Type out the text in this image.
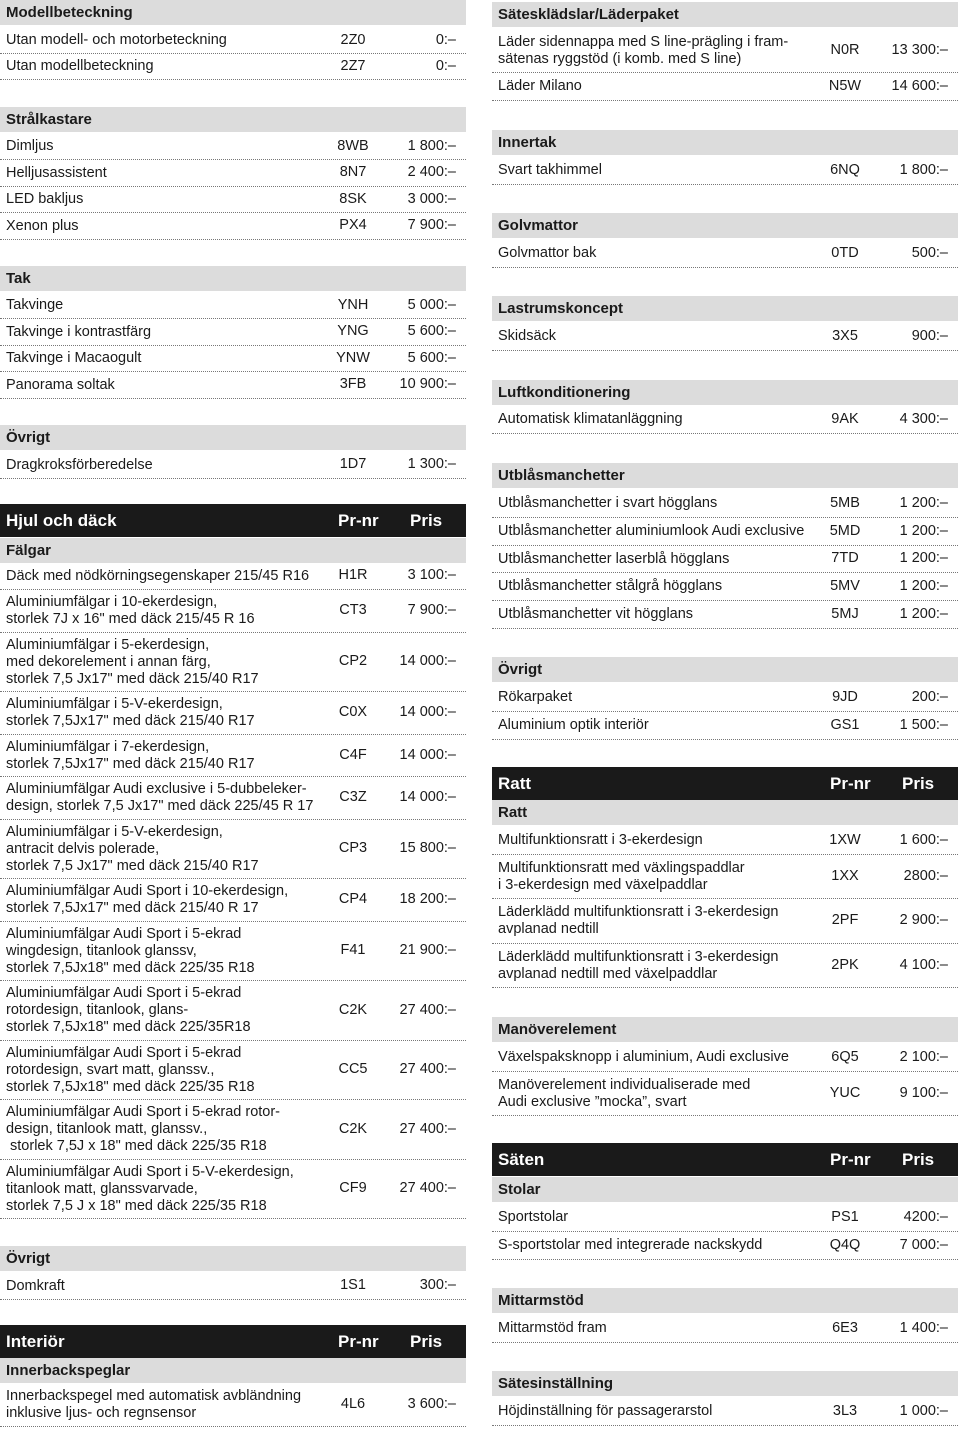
Modellbeteckning
Utan modell- och motorbeteckning	2Z0	0:–
Utan modellbeteckning	2Z7	0:–
Strålkastare
Dimljus	8WB	1 800:–
Helljusassistent	8N7	2 400:–
LED bakljus	8SK	3 000:–
Xenon plus	PX4	7 900:–
Tak
Takvinge	YNH	5 000:–
Takvinge i kontrastfärg	YNG	5 600:–
Takvinge i Macaogult	YNW	5 600:–
Panorama soltak	3FB	10 900:–
Övrigt
Dragkroksförberedelse	1D7	1 300:–
Hjul och däck	Pr-nr Pris
Fälgar
Däck med nödkörningsegenskaper 215/45 R16	H1R	3 100:–
Aluminiumfälgar i 10-ekerdesign,
storlek 7J x 16" med däck 215/45 R 16
CT3	7 900:–
Aluminiumfälgar i 5-ekerdesign,
med dekorelement i annan färg,
storlek 7,5 Jx17" med däck 215/40 R17
CP2	14 000:–
Aluminiumfälgar i 5-V-ekerdesign,
storlek 7,5Jx17" med däck 215/40 R17
C0X	14 000:–
Aluminiumfälgar i 7-ekerdesign,
storlek 7,5Jx17" med däck 215/40 R17
C4F	14 000:–
Aluminiumfälgar Audi exclusive i 5-dubbeleker-
design, storlek 7,5 Jx17" med däck 225/45 R 17
C3Z	14 000:–
Aluminiumfälgar i 5-V-ekerdesign,
antracit delvis polerade,
storlek 7,5 Jx17" med däck 215/40 R17
CP3	15 800:–
Aluminiumfälgar Audi Sport i 10-ekerdesign,
storlek 7,5Jx17" med däck 215/40 R 17
CP4	18 200:–
Aluminiumfälgar Audi Sport i 5-ekrad
wingdesign, titanlook glanssv,
storlek 7,5Jx18" med däck 225/35 R18
F41	21 900:–
Aluminiumfälgar Audi Sport i 5-ekrad
rotordesign, titanlook, glans-
storlek 7,5Jx18" med däck 225/35R18
C2K	27 400:–
Aluminiumfälgar Audi Sport i 5-ekrad
rotordesign, svart matt, glanssv.,
storlek 7,5Jx18" med däck 225/35 R18
CC5	27 400:–
Aluminiumfälgar Audi Sport i 5-ekrad rotor-
design, titanlook matt, glanssv.,
storlek 7,5J x 18" med däck 225/35 R18
C2K	27 400:–
Aluminiumfälgar Audi Sport i 5-V-ekerdesign,
titanlook matt, glanssvarvade,
storlek 7,5 J x 18" med däck 225/35 R18
CF9	27 400:–
Övrigt
Domkraft	1S1	300:–
Interiör	Pr-nr Pris
Innerbackspeglar
Innerbackspegel med automatisk avbländning
inklusive ljus- och regnsensor
4L6	3 600:–
Sätesklädslar/Läderpaket
Läder sidennappa med S line-prägling i fram-
sätenas ryggstöd (i komb. med S line)
N0R	13 300:–
Läder Milano	N5W	14 600:–
Innertak
Svart takhimmel	6NQ	1 800:–
Golvmattor
Golvmattor bak	0TD	500:–
Lastrumskoncept
Skidsäck	3X5	900:–
Luftkonditionering
Automatisk klimatanläggning	9AK	4 300:–
Utblåsmanchetter
Utblåsmanchetter i svart högglans	5MB	1 200:–
Utblåsmanchetter aluminiumlook Audi exclusive	5MD	1 200:–
Utblåsmanchetter laserblå högglans	7TD	1 200:–
Utblåsmanchetter stålgrå högglans	5MV	1 200:–
Utblåsmanchetter vit högglans	5MJ	1 200:–
Övrigt
Rökarpaket	9JD	200:–
Aluminium optik interiör	GS1	1 500:–
Ratt	Pr-nr Pris
Ratt
Multifunktionsratt i 3-ekerdesign	1XW	1 600:–
Multifunktionsratt med växlingspaddlar
i 3-ekerdesign med växelpaddlar
1XX	2800:–
Läderklädd multifunktionsratt i 3-ekerdesign
avplanad nedtill
2PF	2 900:–
Läderklädd multifunktionsratt i 3-ekerdesign
avplanad nedtill med växelpaddlar
2PK	4 100:–
Manöverelement
Växelspaksknopp i aluminium, Audi exclusive	6Q5	2 100:–
Manöverelement individualiserade med
Audi exclusive ”mocka”, svart
YUC	9 100:–
Säten	Pr-nr Pris
Stolar
Sportstolar	PS1	4200:–
S-sportstolar med integrerade nackskydd	Q4Q	7 000:–
Mittarmstöd
Mittarmstöd fram	6E3	1 400:–
Sätesinställning
Höjdinställning för passagerarstol	3L3	1 000:–
